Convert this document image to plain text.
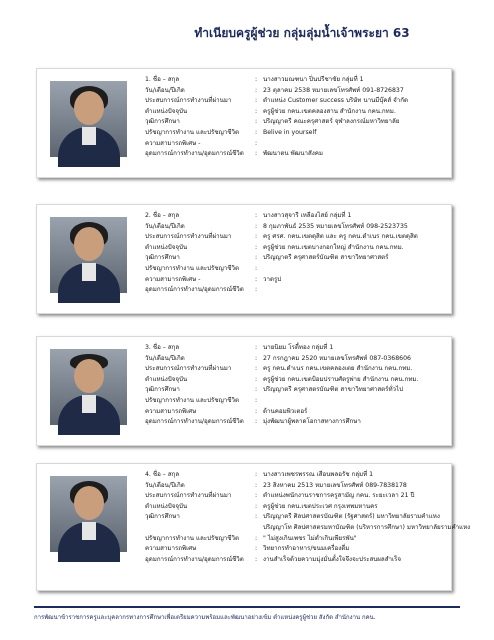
ทำเนียบครูผู้ช่วย กลุ่มลุ่มน้ำเจ้าพระยา 63
1. ชื่อ – สกุล	: นางสาวมณฑนา ปิ่นปรีชาชัย กลุ่มที่ 1
วัน/เดือน/ปีเกิด	: 23 ตุลาคม 2538 หมายเลขโทรศัพท์ 091-8726837
ประสบการณ์การทำงานที่ผ่านมา	: ตำแหน่ง Customer success บริษัท นานมีบุ๊คส์ จำกัด
ตำแหน่งปัจจุบัน	: ครูผู้ช่วย กคน.เขตคลองสาน สำนักงาน กคน.กทม.
วุฒิการศึกษา	: ปริญญาตรี คณะครุศาสตร์ จุฬาลงกรณ์มหาวิทยาลัย
ปรัชญาการทำงาน และปรัชญาชีวิต	: Belive in yourself
ความสามารถพิเศษ -	:
อุดมการณ์การทำงาน/อุดมการณ์ชีวิต	: พัฒนาตน พัฒนาสังคม
2. ชื่อ – สกุล	: นางสาวสุจารี เหลืองไสย์ กลุ่มที่ 1
วัน/เดือน/ปีเกิด	: 8 กุมภาพันธ์ 2535 หมายเลขโทรศัพท์ 098-2523735
ประสบการณ์การทำงานที่ผ่านมา	: ครู ศรศ. กคน.เขตดุสิต และ ครู กคน.ดำเนร กคน.เขตดุสิต
ตำแหน่งปัจจุบัน	: ครูผู้ช่วย กคน.เขตบางกอกใหญ่ สำนักงาน กคน.กทม.
วุฒิการศึกษา	: ปริญญาตรี ครุศาสตร์บัณฑิต สาขาวิทยาศาสตร์
ปรัชญาการทำงาน และปรัชญาชีวิต	:
ความสามารถพิเศษ -	: วาดรูป
อุดมการณ์การทำงาน/อุดมการณ์ชีวิต	:
3. ชื่อ – สกุล	: นายนิยม โรตี้ทอง กลุ่มที่ 1
วัน/เดือน/ปีเกิด	: 27 กรกฎาคม 2520 หมายเลขโทรศัพท์ 087-0368606
ประสบการณ์การทำงานที่ผ่านมา	: ครู กคน.ดำเนร กคน.เขตคลองเตย สำนักงาน กคน.กทม.
ตำแหน่งปัจจุบัน	: ครูผู้ช่วย กคน.เขตป้อมปราบศัตรูพ่าย สำนักงาน กคน.กทม.
วุฒิการศึกษา	: ปริญญาตรี ครุศาสตรบัณฑิต สาขาวิทยาศาสตร์ทั่วไป
ปรัชญาการทำงาน และปรัชญาชีวิต	:
ความสามารถพิเศษ	: ด้านคอมพิวเตอร์
อุดมการณ์การทำงาน/อุดมการณ์ชีวิต	: มุ่งพัฒนาผู้พลาดโอกาสทางการศึกษา
4. ชื่อ – สกุล	: นางสาวเพชรพรรณ เสือนพลอรัช กลุ่มที่ 1
วัน/เดือน/ปีเกิด	: 23 สิงหาคม 2513 หมายเลขโทรศัพท์ 089-7838178
ประสบการณ์การทำงานที่ผ่านมา	: ตำแหน่งพนักงานราชการครูสามัญ กคน. ระยะเวลา 21 ปี
ตำแหน่งปัจจุบัน	: ครูผู้ช่วย กคน.เขตประเวศ กรุงเทพมหานคร
วุฒิการศึกษา	: ปริญญาตรี ศิลปศาสตรบัณฑิต (รัฐศาสตร์) มหาวิทยาลัยรามคำแหง
ปริญญาโท ศิลปศาสตรมหาบัณฑิต (บริหารการศึกษา) มหาวิทยาลัยรามคำแหง
ปรัชญาการทำงาน และปรัชญาชีวิต	: " ไม่สูงเกินเพชร ไม่ต่ำเกินเพียรพัน"
ความสามารถพิเศษ	: วิทยากรทำอาหาร/ขนมเครื่องดื่ม
อุดมการณ์การทำงาน/อุดมการณ์ชีวิต	: งานสำเร็จด้วยความมุ่งมั่นตั้งใจจึงจะประสบผลสำเร็จ
การพัฒนาข้าราชการครูและบุคลากรทางการศึกษาเพื่อเตรียมความพร้อมและพัฒนาอย่างเข้ม ตำแหน่งครูผู้ช่วย สังกัด สำนักงาน กคน.
